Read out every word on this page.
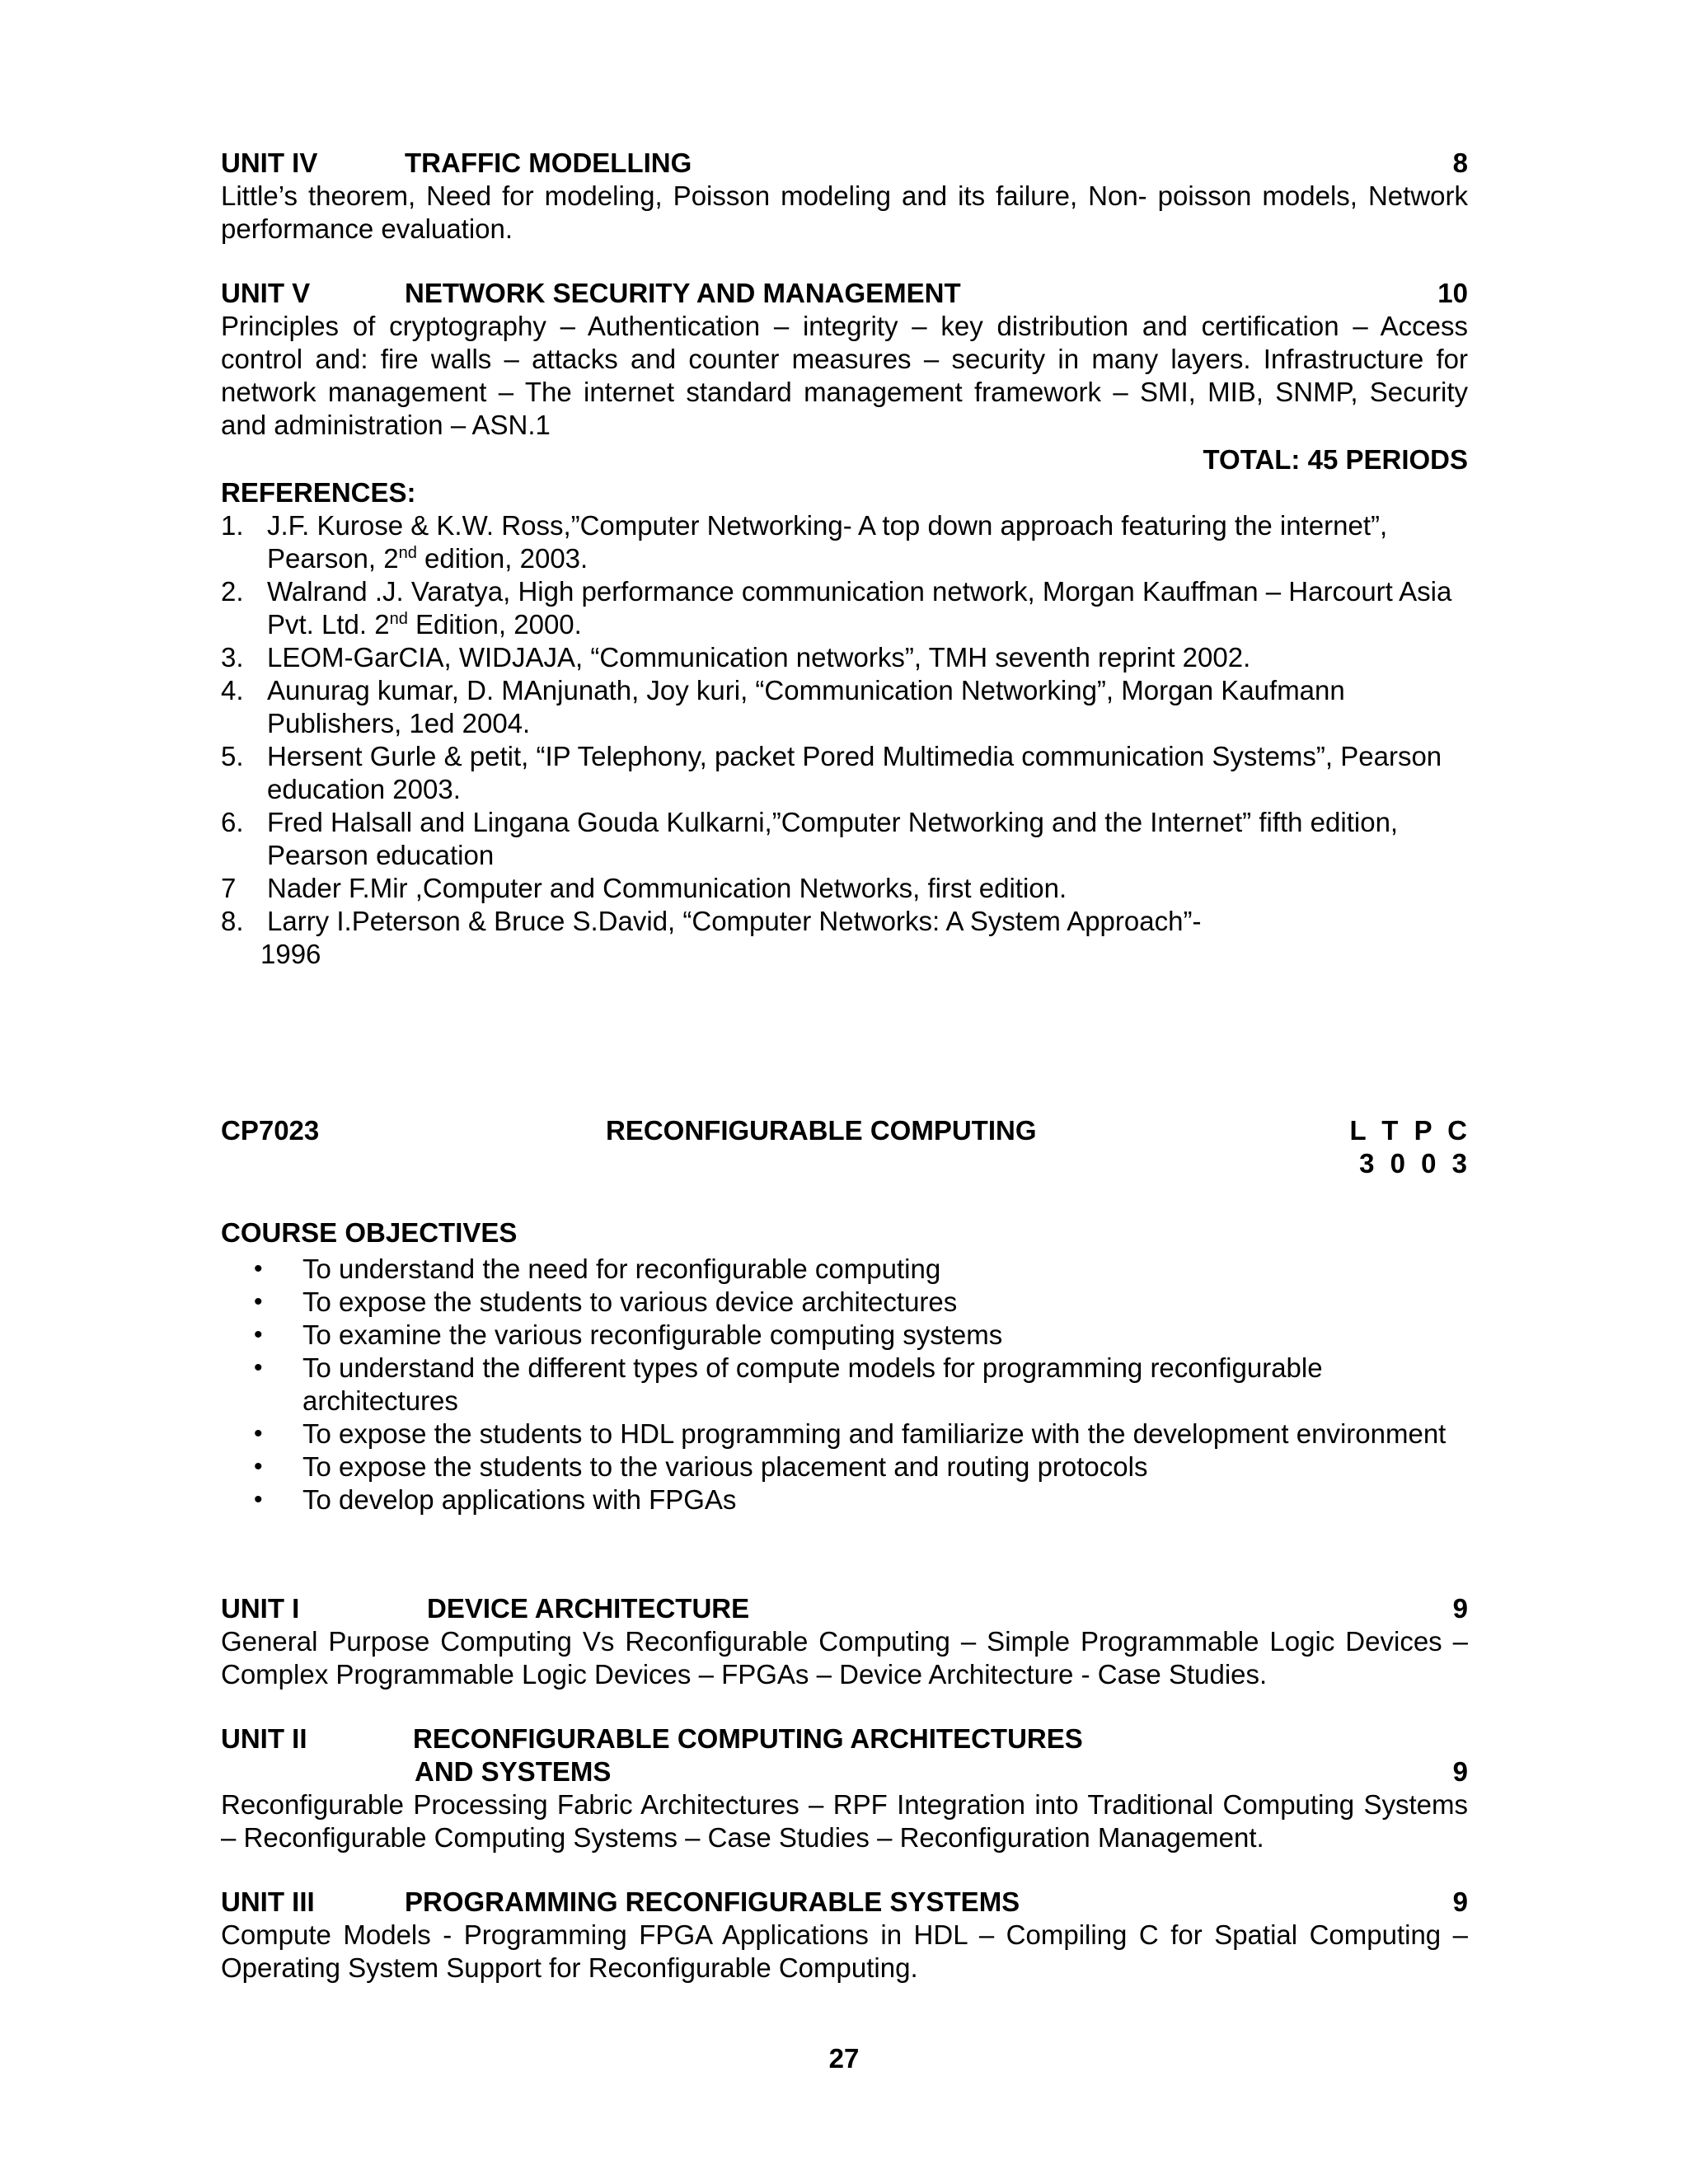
UNIT IV	TRAFFIC MODELLING	8

Little’s theorem, Need for modeling, Poisson modeling and its failure, Non- poisson models, Network performance evaluation.

UNIT V	NETWORK SECURITY AND MANAGEMENT	10

Principles of cryptography – Authentication – integrity – key distribution and certification – Access control and: fire walls – attacks and counter measures – security in many layers. Infrastructure for network management – The internet standard management framework – SMI, MIB, SNMP, Security and administration – ASN.1

TOTAL: 45 PERIODS
REFERENCES:
1. J.F. Kurose & K.W. Ross,”Computer Networking- A top down approach featuring the internet”, Pearson, 2nd edition, 2003.
2. Walrand .J. Varatya, High performance communication network, Morgan Kauffman – Harcourt Asia Pvt. Ltd. 2nd Edition, 2000.
3. LEOM-GarCIA, WIDJAJA, “Communication networks”, TMH seventh reprint 2002.
4. Aunurag kumar, D. MAnjunath, Joy kuri, “Communication Networking”, Morgan Kaufmann Publishers, 1ed 2004.
5. Hersent Gurle & petit, “IP Telephony, packet Pored Multimedia communication Systems”, Pearson education 2003.
6. Fred Halsall and Lingana Gouda Kulkarni,”Computer Networking and the Internet” fifth edition, Pearson education
7 Nader F.Mir ,Computer and Communication Networks, first edition.
8. Larry I.Peterson & Bruce S.David, “Computer Networks: A System Approach”-
1996
CP7023	RECONFIGURABLE COMPUTING	L T P C
3 0 0 3
COURSE OBJECTIVES
• To understand the need for reconfigurable computing
• To expose the students to various device architectures
• To examine the various reconfigurable computing systems
• To understand the different types of compute models for programming reconfigurable architectures
• To expose the students to HDL programming and familiarize with the development environment
• To expose the students to the various placement and routing protocols
• To develop applications with FPGAs
UNIT I	DEVICE ARCHITECTURE	9

General Purpose Computing Vs Reconfigurable Computing – Simple Programmable Logic Devices – Complex Programmable Logic Devices – FPGAs – Device Architecture - Case Studies.

UNIT II	RECONFIGURABLE COMPUTING ARCHITECTURES
AND SYSTEMS	9

Reconfigurable Processing Fabric Architectures – RPF Integration into Traditional Computing Systems – Reconfigurable Computing Systems – Case Studies – Reconfiguration Management.

UNIT III	PROGRAMMING RECONFIGURABLE SYSTEMS	9

Compute Models - Programming FPGA Applications in HDL – Compiling C for Spatial Computing – Operating System Support for Reconfigurable Computing.

27
